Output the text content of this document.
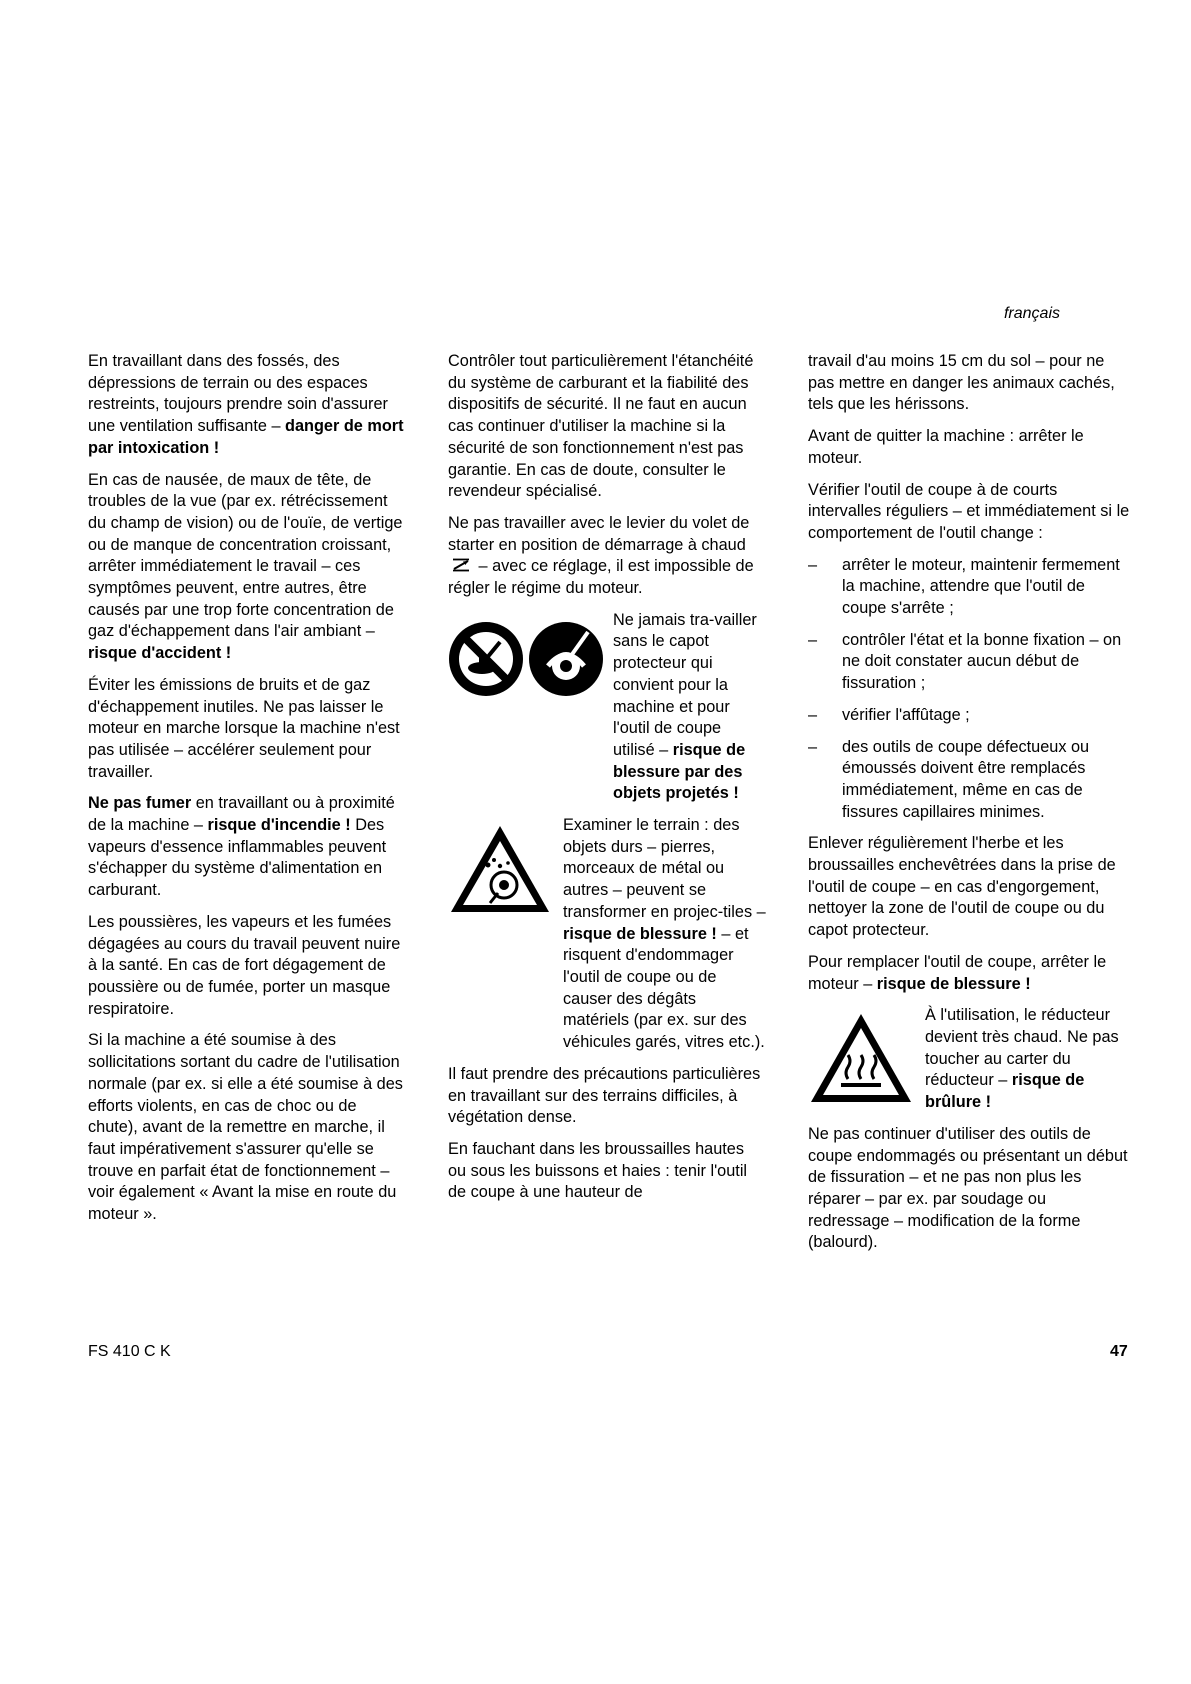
français

En travaillant dans des fossés, des dépressions de terrain ou des espaces restreints, toujours prendre soin d'assurer une ventilation suffisante – danger de mort par intoxication !

En cas de nausée, de maux de tête, de troubles de la vue (par ex. rétrécissement du champ de vision) ou de l'ouïe, de vertige ou de manque de concentration croissant, arrêter immédiatement le travail – ces symptômes peuvent, entre autres, être causés par une trop forte concentration de gaz d'échappement dans l'air ambiant – risque d'accident !

Éviter les émissions de bruits et de gaz d'échappement inutiles. Ne pas laisser le moteur en marche lorsque la machine n'est pas utilisée – accélérer seulement pour travailler.

Ne pas fumer en travaillant ou à proximité de la machine – risque d'incendie ! Des vapeurs d'essence inflammables peuvent s'échapper du système d'alimentation en carburant.

Les poussières, les vapeurs et les fumées dégagées au cours du travail peuvent nuire à la santé. En cas de fort dégagement de poussière ou de fumée, porter un masque respiratoire.

Si la machine a été soumise à des sollicitations sortant du cadre de l'utilisation normale (par ex. si elle a été soumise à des efforts violents, en cas de choc ou de chute), avant de la remettre en marche, il faut impérativement s'assurer qu'elle se trouve en parfait état de fonctionnement – voir également « Avant la mise en route du moteur ».

Contrôler tout particulièrement l'étanchéité du système de carburant et la fiabilité des dispositifs de sécurité. Il ne faut en aucun cas continuer d'utiliser la machine si la sécurité de son fonctionnement n'est pas garantie. En cas de doute, consulter le revendeur spécialisé.

Ne pas travailler avec le levier du volet de starter en position de démarrage à chaud  – avec ce réglage, il est impossible de régler le régime du moteur.

Ne jamais tra-vailler sans le capot protecteur qui convient pour la machine et pour l'outil de coupe utilisé – risque de blessure par des objets projetés !
Examiner le terrain : des objets durs – pierres, morceaux de métal ou autres – peuvent se transformer en projec-tiles – risque de blessure ! – et risquent d'endommager l'outil de coupe ou de causer des dégâts matériels (par ex. sur des véhicules garés, vitres etc.).

Il faut prendre des précautions particulières en travaillant sur des terrains difficiles, à végétation dense.

En fauchant dans les broussailles hautes ou sous les buissons et haies : tenir l'outil de coupe à une hauteur de

travail d'au moins 15 cm du sol – pour ne pas mettre en danger les animaux cachés, tels que les hérissons.

Avant de quitter la machine : arrêter le moteur.

Vérifier l'outil de coupe à de courts intervalles réguliers – et immédiatement si le comportement de l'outil change :

– arrêter le moteur, maintenir fermement la machine, attendre que l'outil de coupe s'arrête ;
– contrôler l'état et la bonne fixation – on ne doit constater aucun début de fissuration ;
– vérifier l'affûtage ;
– des outils de coupe défectueux ou émoussés doivent être remplacés immédiatement, même en cas de fissures capillaires minimes.

Enlever régulièrement l'herbe et les broussailles enchevêtrées dans la prise de l'outil de coupe – en cas d'engorgement, nettoyer la zone de l'outil de coupe ou du capot protecteur.

Pour remplacer l'outil de coupe, arrêter le moteur – risque de blessure !

À l'utilisation, le réducteur devient très chaud. Ne pas toucher au carter du réducteur – risque de brûlure !

Ne pas continuer d'utiliser des outils de coupe endommagés ou présentant un début de fissuration – et ne pas non plus les réparer – par ex. par soudage ou redressage – modification de la forme (balourd).

FS 410 C K	47
